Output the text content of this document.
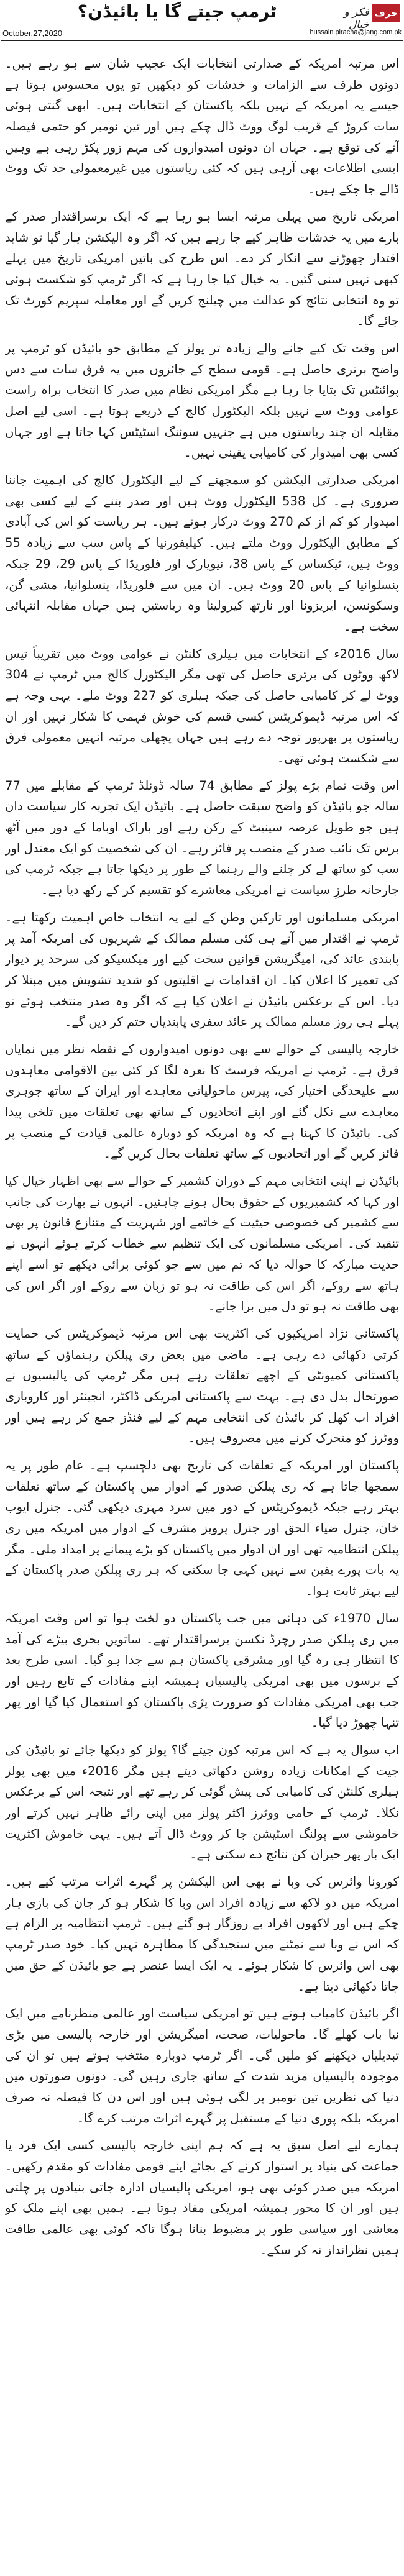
حرف
فکر و خیال
ٹرمپ جیتے گا یا بائیڈن؟
October,27,2020	hussain.piracha@jang.com.pk

اس مرتبہ امریکہ کے صدارتی انتخابات ایک عجیب شان سے ہو رہے ہیں۔ دونوں طرف سے الزامات و خدشات کو دیکھیں تو یوں محسوس ہوتا ہے جیسے یہ امریکہ کے نہیں بلکہ پاکستان کے انتخابات ہیں۔ ابھی گنتی ہوئی سات کروڑ کے قریب لوگ ووٹ ڈال چکے ہیں اور تین نومبر کو حتمی فیصلہ آنے کی توقع ہے۔ جہاں ان دونوں امیدواروں کی مہم زور پکڑ رہی ہے وہیں ایسی اطلاعات بھی آرہی ہیں کہ کئی ریاستوں میں غیرمعمولی حد تک ووٹ ڈالے جا چکے ہیں۔

امریکی تاریخ میں پہلی مرتبہ ایسا ہو رہا ہے کہ ایک برسراقتدار صدر کے بارے میں یہ خدشات ظاہر کیے جا رہے ہیں کہ اگر وہ الیکشن ہار گیا تو شاید اقتدار چھوڑنے سے انکار کر دے۔ اس طرح کی باتیں امریکی تاریخ میں پہلے کبھی نہیں سنی گئیں۔ یہ خیال کیا جا رہا ہے کہ اگر ٹرمپ کو شکست ہوئی تو وہ انتخابی نتائج کو عدالت میں چیلنج کریں گے اور معاملہ سپریم کورٹ تک جائے گا۔

اس وقت تک کیے جانے والے زیادہ تر پولز کے مطابق جو بائیڈن کو ٹرمپ پر واضح برتری حاصل ہے۔ قومی سطح کے جائزوں میں یہ فرق سات سے دس پوائنٹس تک بتایا جا رہا ہے مگر امریکی نظام میں صدر کا انتخاب براہ راست عوامی ووٹ سے نہیں بلکہ الیکٹورل کالج کے ذریعے ہوتا ہے۔ اسی لیے اصل مقابلہ ان چند ریاستوں میں ہے جنہیں سوئنگ اسٹیٹس کہا جاتا ہے اور جہاں کسی بھی امیدوار کی کامیابی یقینی نہیں۔

امریکی صدارتی الیکشن کو سمجھنے کے لیے الیکٹورل کالج کی اہمیت جاننا ضروری ہے۔ کل 538 الیکٹورل ووٹ ہیں اور صدر بننے کے لیے کسی بھی امیدوار کو کم از کم 270 ووٹ درکار ہوتے ہیں۔ ہر ریاست کو اس کی آبادی کے مطابق الیکٹورل ووٹ ملتے ہیں۔ کیلیفورنیا کے پاس سب سے زیادہ 55 ووٹ ہیں، ٹیکساس کے پاس 38، نیویارک اور فلوریڈا کے پاس 29، 29 جبکہ پنسلوانیا کے پاس 20 ووٹ ہیں۔ ان میں سے فلوریڈا، پنسلوانیا، مشی گن، وسکونسن، ایریزونا اور نارتھ کیرولینا وہ ریاستیں ہیں جہاں مقابلہ انتہائی سخت ہے۔

سال 2016ء کے انتخابات میں ہیلری کلنٹن نے عوامی ووٹ میں تقریباً تیس لاکھ ووٹوں کی برتری حاصل کی تھی مگر الیکٹورل کالج میں ٹرمپ نے 304 ووٹ لے کر کامیابی حاصل کی جبکہ ہیلری کو 227 ووٹ ملے۔ یہی وجہ ہے کہ اس مرتبہ ڈیموکریٹس کسی قسم کی خوش فہمی کا شکار نہیں اور ان ریاستوں پر بھرپور توجہ دے رہے ہیں جہاں پچھلی مرتبہ انہیں معمولی فرق سے شکست ہوئی تھی۔

اس وقت تمام بڑے پولز کے مطابق 74 سالہ ڈونلڈ ٹرمپ کے مقابلے میں 77 سالہ جو بائیڈن کو واضح سبقت حاصل ہے۔ بائیڈن ایک تجربہ کار سیاست دان ہیں جو طویل عرصہ سینیٹ کے رکن رہے اور باراک اوباما کے دور میں آٹھ برس تک نائب صدر کے منصب پر فائز رہے۔ ان کی شخصیت کو ایک معتدل اور سب کو ساتھ لے کر چلنے والے رہنما کے طور پر دیکھا جاتا ہے جبکہ ٹرمپ کی جارحانہ طرزِ سیاست نے امریکی معاشرے کو تقسیم کر کے رکھ دیا ہے۔

امریکی مسلمانوں اور تارکین وطن کے لیے یہ انتخاب خاص اہمیت رکھتا ہے۔ ٹرمپ نے اقتدار میں آتے ہی کئی مسلم ممالک کے شہریوں کی امریکہ آمد پر پابندی عائد کی، امیگریشن قوانین سخت کیے اور میکسیکو کی سرحد پر دیوار کی تعمیر کا اعلان کیا۔ ان اقدامات نے اقلیتوں کو شدید تشویش میں مبتلا کر دیا۔ اس کے برعکس بائیڈن نے اعلان کیا ہے کہ اگر وہ صدر منتخب ہوئے تو پہلے ہی روز مسلم ممالک پر عائد سفری پابندیاں ختم کر دیں گے۔

خارجہ پالیسی کے حوالے سے بھی دونوں امیدواروں کے نقطہ نظر میں نمایاں فرق ہے۔ ٹرمپ نے امریکہ فرسٹ کا نعرہ لگا کر کئی بین الاقوامی معاہدوں سے علیحدگی اختیار کی، پیرس ماحولیاتی معاہدے اور ایران کے ساتھ جوہری معاہدے سے نکل گئے اور اپنے اتحادیوں کے ساتھ بھی تعلقات میں تلخی پیدا کی۔ بائیڈن کا کہنا ہے کہ وہ امریکہ کو دوبارہ عالمی قیادت کے منصب پر فائز کریں گے اور اتحادیوں کے ساتھ تعلقات بحال کریں گے۔

بائیڈن نے اپنی انتخابی مہم کے دوران کشمیر کے حوالے سے بھی اظہار خیال کیا اور کہا کہ کشمیریوں کے حقوق بحال ہونے چاہئیں۔ انہوں نے بھارت کی جانب سے کشمیر کی خصوصی حیثیت کے خاتمے اور شہریت کے متنازع قانون پر بھی تنقید کی۔ امریکی مسلمانوں کی ایک تنظیم سے خطاب کرتے ہوئے انہوں نے حدیث مبارکہ کا حوالہ دیا کہ تم میں سے جو کوئی برائی دیکھے تو اسے اپنے ہاتھ سے روکے، اگر اس کی طاقت نہ ہو تو زبان سے روکے اور اگر اس کی بھی طاقت نہ ہو تو دل میں برا جانے۔

پاکستانی نژاد امریکیوں کی اکثریت بھی اس مرتبہ ڈیموکریٹس کی حمایت کرتی دکھائی دے رہی ہے۔ ماضی میں بعض ری پبلکن رہنماؤں کے ساتھ پاکستانی کمیونٹی کے اچھے تعلقات رہے ہیں مگر ٹرمپ کی پالیسیوں نے صورتحال بدل دی ہے۔ بہت سے پاکستانی امریکی ڈاکٹر، انجینئر اور کاروباری افراد اب کھل کر بائیڈن کی انتخابی مہم کے لیے فنڈز جمع کر رہے ہیں اور ووٹرز کو متحرک کرنے میں مصروف ہیں۔

پاکستان اور امریکہ کے تعلقات کی تاریخ بھی دلچسپ ہے۔ عام طور پر یہ سمجھا جاتا ہے کہ ری پبلکن صدور کے ادوار میں پاکستان کے ساتھ تعلقات بہتر رہے جبکہ ڈیموکریٹس کے دور میں سرد مہری دیکھی گئی۔ جنرل ایوب خان، جنرل ضیاء الحق اور جنرل پرویز مشرف کے ادوار میں امریکہ میں ری پبلکن انتظامیہ تھی اور ان ادوار میں پاکستان کو بڑے پیمانے پر امداد ملی۔ مگر یہ بات پورے یقین سے نہیں کہی جا سکتی کہ ہر ری پبلکن صدر پاکستان کے لیے بہتر ثابت ہوا۔

سال 1970ء کی دہائی میں جب پاکستان دو لخت ہوا تو اس وقت امریکہ میں ری پبلکن صدر رچرڈ نکسن برسراقتدار تھے۔ ساتویں بحری بیڑے کی آمد کا انتظار ہی رہ گیا اور مشرقی پاکستان ہم سے جدا ہو گیا۔ اسی طرح بعد کے برسوں میں بھی امریکی پالیسیاں ہمیشہ اپنے مفادات کے تابع رہیں اور جب بھی امریکی مفادات کو ضرورت پڑی پاکستان کو استعمال کیا گیا اور پھر تنہا چھوڑ دیا گیا۔

اب سوال یہ ہے کہ اس مرتبہ کون جیتے گا؟ پولز کو دیکھا جائے تو بائیڈن کی جیت کے امکانات زیادہ روشن دکھائی دیتے ہیں مگر 2016ء میں بھی پولز ہیلری کلنٹن کی کامیابی کی پیش گوئی کر رہے تھے اور نتیجہ اس کے برعکس نکلا۔ ٹرمپ کے حامی ووٹرز اکثر پولز میں اپنی رائے ظاہر نہیں کرتے اور خاموشی سے پولنگ اسٹیشن جا کر ووٹ ڈال آتے ہیں۔ یہی خاموش اکثریت ایک بار پھر حیران کن نتائج دے سکتی ہے۔

کورونا وائرس کی وبا نے بھی اس الیکشن پر گہرے اثرات مرتب کیے ہیں۔ امریکہ میں دو لاکھ سے زیادہ افراد اس وبا کا شکار ہو کر جان کی بازی ہار چکے ہیں اور لاکھوں افراد بے روزگار ہو گئے ہیں۔ ٹرمپ انتظامیہ پر الزام ہے کہ اس نے وبا سے نمٹنے میں سنجیدگی کا مظاہرہ نہیں کیا۔ خود صدر ٹرمپ بھی اس وائرس کا شکار ہوئے۔ یہ ایک ایسا عنصر ہے جو بائیڈن کے حق میں جاتا دکھائی دیتا ہے۔

اگر بائیڈن کامیاب ہوتے ہیں تو امریکی سیاست اور عالمی منظرنامے میں ایک نیا باب کھلے گا۔ ماحولیات، صحت، امیگریشن اور خارجہ پالیسی میں بڑی تبدیلیاں دیکھنے کو ملیں گی۔ اگر ٹرمپ دوبارہ منتخب ہوتے ہیں تو ان کی موجودہ پالیسیاں مزید شدت کے ساتھ جاری رہیں گی۔ دونوں صورتوں میں دنیا کی نظریں تین نومبر پر لگی ہوئی ہیں اور اس دن کا فیصلہ نہ صرف امریکہ بلکہ پوری دنیا کے مستقبل پر گہرے اثرات مرتب کرے گا۔

ہمارے لیے اصل سبق یہ ہے کہ ہم اپنی خارجہ پالیسی کسی ایک فرد یا جماعت کی بنیاد پر استوار کرنے کے بجائے اپنے قومی مفادات کو مقدم رکھیں۔ امریکہ میں صدر کوئی بھی ہو، امریکی پالیسیاں ادارہ جاتی بنیادوں پر چلتی ہیں اور ان کا محور ہمیشہ امریکی مفاد ہوتا ہے۔ ہمیں بھی اپنے ملک کو معاشی اور سیاسی طور پر مضبوط بنانا ہوگا تاکہ کوئی بھی عالمی طاقت ہمیں نظرانداز نہ کر سکے۔
